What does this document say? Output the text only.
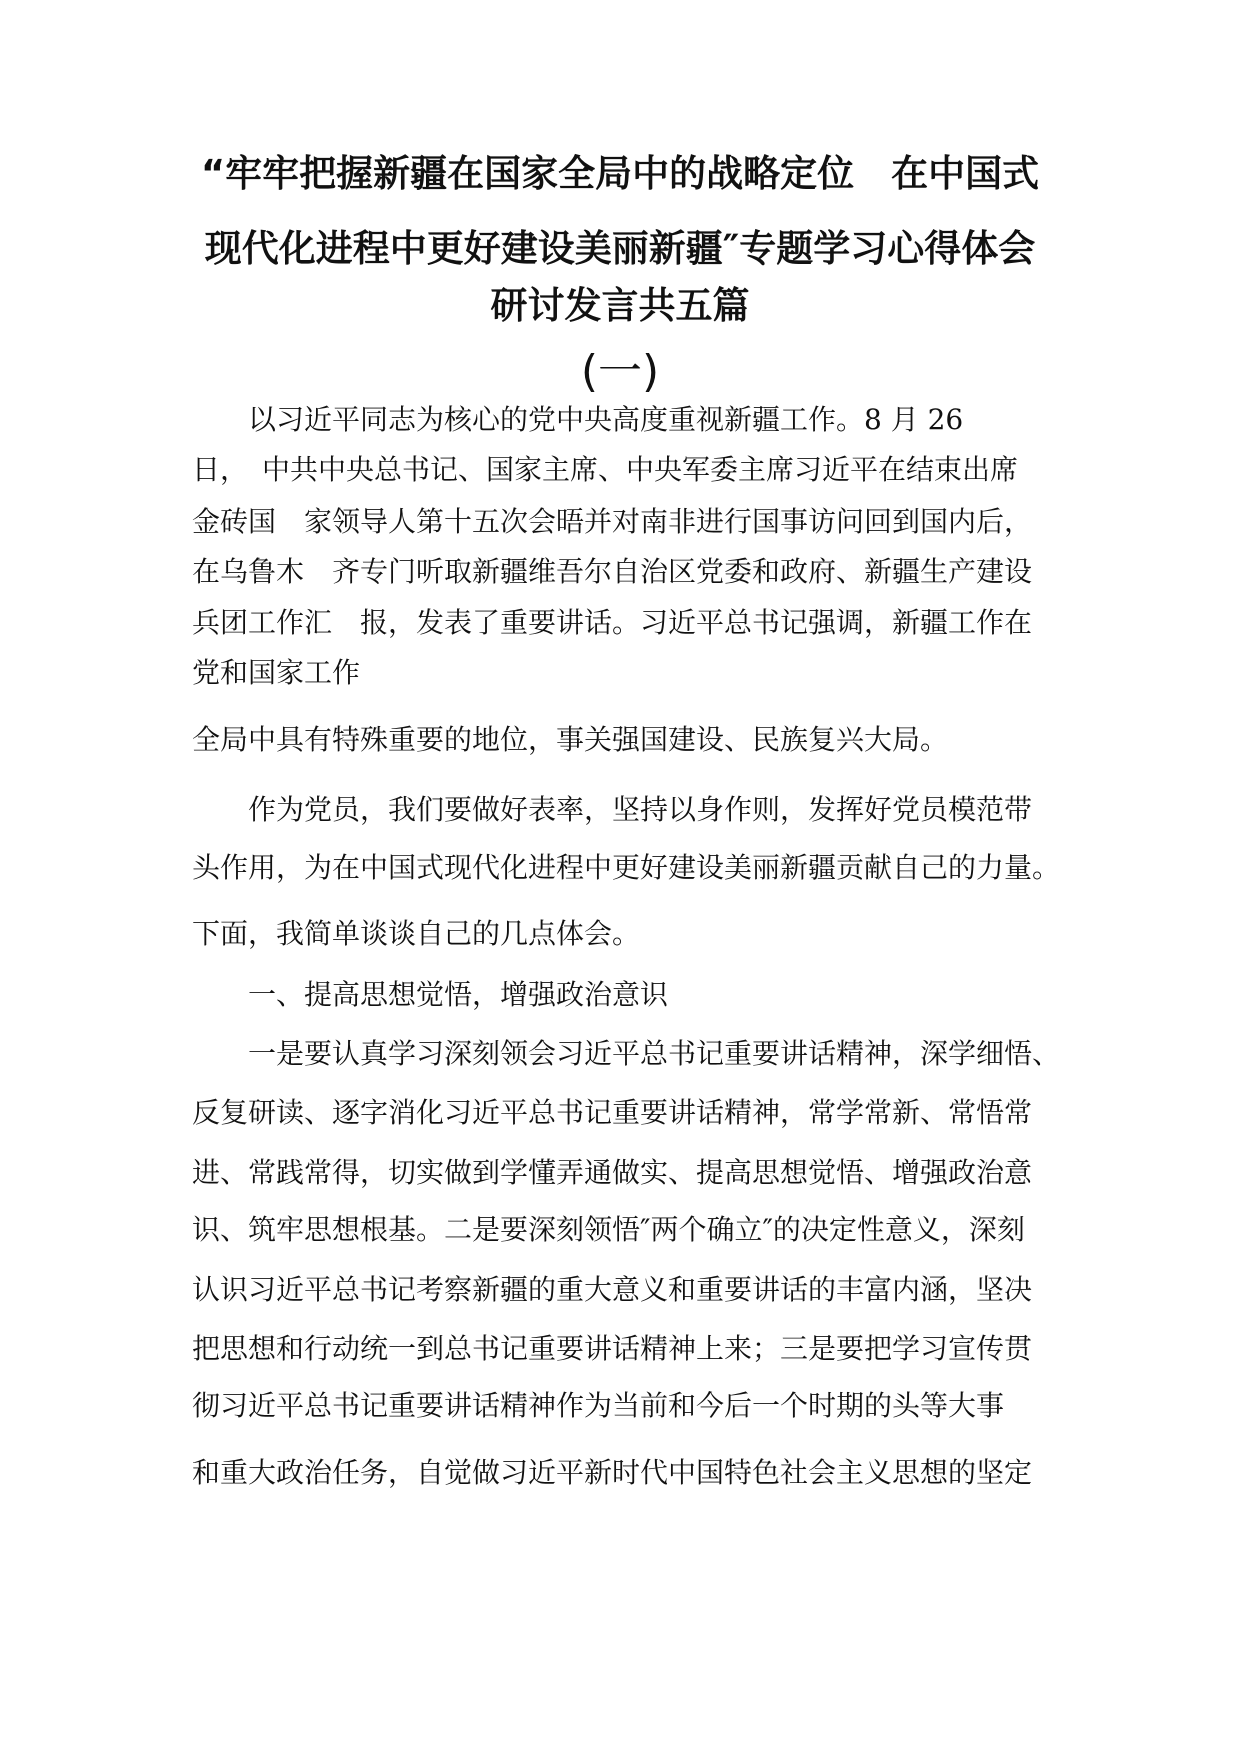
“牢牢把握新疆在国家全局中的战略定位　在中国式
现代化进程中更好建设美丽新疆″专题学习心得体会
研讨发言共五篇
(一)
以习近平同志为核心的党中央高度重视新疆工作。8 月 26
日，　中共中央总书记、国家主席、中央军委主席习近平在结束出席
金砖国　家领导人第十五次会晤并对南非进行国事访问回到国内后，
在乌鲁木　齐专门听取新疆维吾尔自治区党委和政府、新疆生产建设
兵团工作汇　报，发表了重要讲话。习近平总书记强调，新疆工作在
党和国家工作
全局中具有特殊重要的地位，事关强国建设、民族复兴大局。
作为党员，我们要做好表率，坚持以身作则，发挥好党员模范带
头作用，为在中国式现代化进程中更好建设美丽新疆贡献自己的力量。
下面，我简单谈谈自己的几点体会。
一、提高思想觉悟，增强政治意识
一是要认真学习深刻领会习近平总书记重要讲话精神，深学细悟、
反复研读、逐字消化习近平总书记重要讲话精神，常学常新、常悟常
进、常践常得，切实做到学懂弄通做实、提高思想觉悟、增强政治意
识、筑牢思想根基。二是要深刻领悟″两个确立″的决定性意义，深刻
认识习近平总书记考察新疆的重大意义和重要讲话的丰富内涵，坚决
把思想和行动统一到总书记重要讲话精神上来；三是要把学习宣传贯
彻习近平总书记重要讲话精神作为当前和今后一个时期的头等大事
和重大政治任务，自觉做习近平新时代中国特色社会主义思想的坚定
